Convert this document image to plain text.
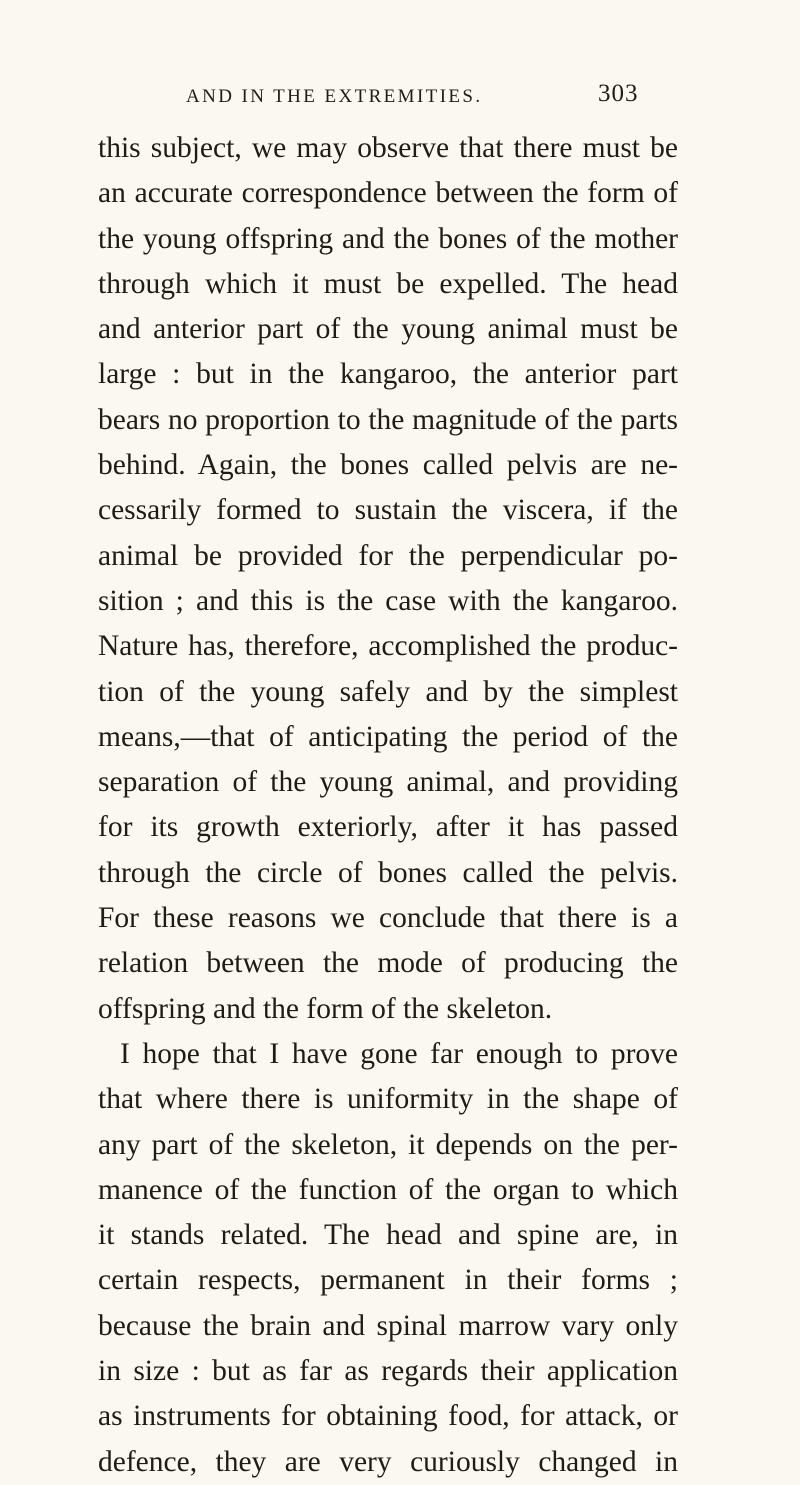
AND IN THE EXTREMITIES.	303
this subject, we may observe that there must be
an accurate correspondence between the form of
the young offspring and the bones of the mother
through which it must be expelled. The head
and anterior part of the young animal must be
large : but in the kangaroo, the anterior part
bears no proportion to the magnitude of the parts
behind. Again, the bones called pelvis are ne-
cessarily formed to sustain the viscera, if the
animal be provided for the perpendicular po-
sition ; and this is the case with the kangaroo.
Nature has, therefore, accomplished the produc-
tion of the young safely and by the simplest
means,—that of anticipating the period of the
separation of the young animal, and providing
for its growth exteriorly, after it has passed
through the circle of bones called the pelvis.
For these reasons we conclude that there is a
relation between the mode of producing the
offspring and the form of the skeleton.
I hope that I have gone far enough to prove
that where there is uniformity in the shape of
any part of the skeleton, it depends on the per-
manence of the function of the organ to which
it stands related. The head and spine are, in
certain respects, permanent in their forms ;
because the brain and spinal marrow vary only
in size : but as far as regards their application
as instruments for obtaining food, for attack, or
defence, they are very curiously changed in
